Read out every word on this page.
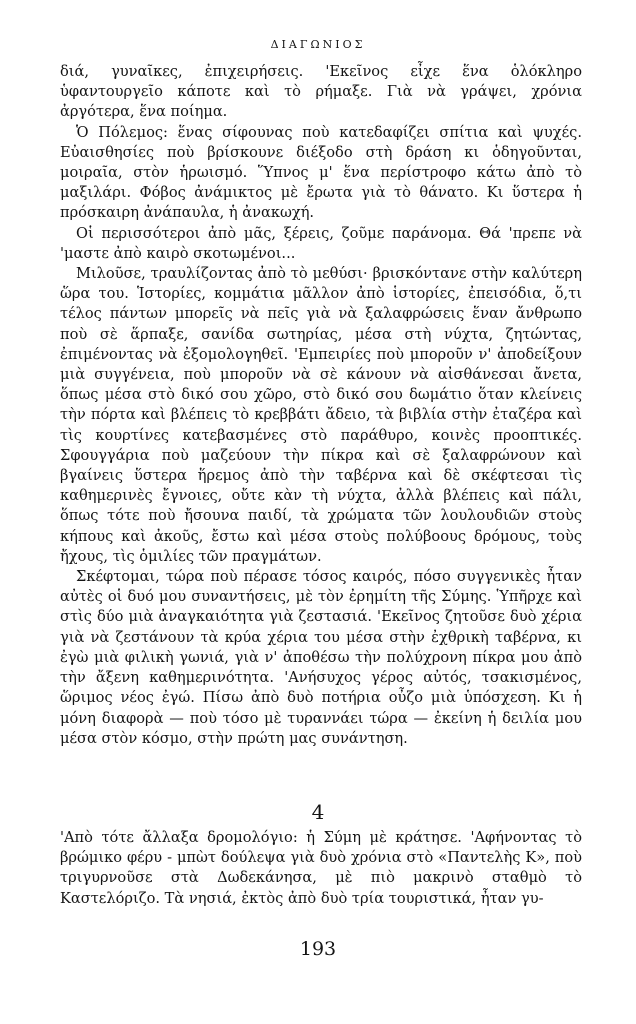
ΔΙΑΓΩΝΙΟΣ

διά, γυναῖκες, ἐπιχειρήσεις. 'Εκεῖνος εἶχε ἕνα ὁλόκληρο ὑφαντουργεῖο κάποτε καὶ τὸ ρήμαξε. Γιὰ νὰ γράψει, χρόνια ἀργότερα, ἕνα ποίημα.

Ὁ Πόλεμος: ἕνας σίφουνας ποὺ κατεδαφίζει σπίτια καὶ ψυχές. Εὐαισθησίες ποὺ βρίσκουνε διέξοδο στὴ δράση κι ὁδηγοῦνται, μοιραῖα, στὸν ἡρωισμό. Ὕπνος μ' ἕνα περίστροφο κάτω ἀπὸ τὸ μαξιλάρι. Φόβος ἀνάμικτος μὲ ἔρωτα γιὰ τὸ θάνατο. Κι ὕστερα ἡ πρόσκαιρη ἀνάπαυλα, ἡ ἀνακωχή.

Οἱ περισσότεροι ἀπὸ μᾶς, ξέρεις, ζοῦμε παράνομα. Θά 'πρεπε νὰ 'μαστε ἀπὸ καιρὸ σκοτωμένοι...

Μιλοῦσε, τραυλίζοντας ἀπὸ τὸ μεθύσι· βρισκόντανε στὴν καλύτερη ὥρα του. Ἱστορίες, κομμάτια μᾶλλον ἀπὸ ἱστορίες, ἐπεισόδια, ὅ,τι τέλος πάντων μπορεῖς νὰ πεῖς γιὰ νὰ ξαλαφρώσεις ἕναν ἄνθρωπο ποὺ σὲ ἅρπαξε, σανίδα σωτηρίας, μέσα στὴ νύχτα, ζητώντας, ἐπιμένοντας νὰ ἐξομολογηθεῖ. 'Εμπειρίες ποὺ μποροῦν ν' ἀποδείξουν μιὰ συγγένεια, ποὺ μποροῦν νὰ σὲ κάνουν νὰ αἰσθάνεσαι ἄνετα, ὅπως μέσα στὸ δικό σου χῶρο, στὸ δικό σου δωμάτιο ὅταν κλείνεις τὴν πόρτα καὶ βλέπεις τὸ κρεββάτι ἄδειο, τὰ βιβλία στὴν ἐταζέρα καὶ τὶς κουρτίνες κατεβασμένες στὸ παράθυρο, κοινὲς προοπτικές. Σφουγγάρια ποὺ μαζεύουν τὴν πίκρα καὶ σὲ ξαλαφρώνουν καὶ βγαίνεις ὕστερα ἥρεμος ἀπὸ τὴν ταβέρνα καὶ δὲ σκέφτεσαι τὶς καθημερινὲς ἔγνοιες, οὔτε κὰν τὴ νύχτα, ἀλλὰ βλέπεις καὶ πάλι, ὅπως τότε ποὺ ἤσουνα παιδί, τὰ χρώματα τῶν λουλουδιῶν στοὺς κήπους καὶ ἀκοῦς, ἔστω καὶ μέσα στοὺς πολύβοους δρόμους, τοὺς ἤχους, τὶς ὁμιλίες τῶν πραγμάτων.

Σκέφτομαι, τώρα ποὺ πέρασε τόσος καιρός, πόσο συγγενικὲς ἦταν αὐτὲς οἱ δυό μου συναντήσεις, μὲ τὸν ἐρημίτη τῆς Σύμης. Ὑπῆρχε καὶ στὶς δύο μιὰ ἀναγκαιότητα γιὰ ζεστασιά. 'Εκεῖνος ζητοῦσε δυὸ χέρια γιὰ νὰ ζεστάνουν τὰ κρύα χέρια του μέσα στὴν ἐχθρικὴ ταβέρνα, κι ἐγὼ μιὰ φιλικὴ γωνιά, γιὰ ν' ἀποθέσω τὴν πολύχρονη πίκρα μου ἀπὸ τὴν ἄξενη καθημερινότητα. 'Ανήσυχος γέρος αὐτός, τσακισμένος, ὥριμος νέος ἐγώ. Πίσω ἀπὸ δυὸ ποτήρια οὖζο μιὰ ὑπόσχεση. Κι ἡ μόνη διαφορὰ — ποὺ τόσο μὲ τυραννάει τώρα — ἐκείνη ἡ δειλία μου μέσα στὸν κόσμο, στὴν πρώτη μας συνάντηση.

4

'Απὸ τότε ἄλλαξα δρομολόγιο: ἡ Σύμη μὲ κράτησε. 'Αφήνοντας τὸ βρώμικο φέρυ - μπὼτ δούλεψα γιὰ δυὸ χρόνια στὸ «Παντελὴς Κ», ποὺ τριγυρνοῦσε στὰ Δωδεκάνησα, μὲ πιὸ μακρινὸ σταθμὸ τὸ Καστελόριζο. Τὰ νησιά, ἐκτὸς ἀπὸ δυὸ τρία τουριστικά, ἦταν γυ-

193
